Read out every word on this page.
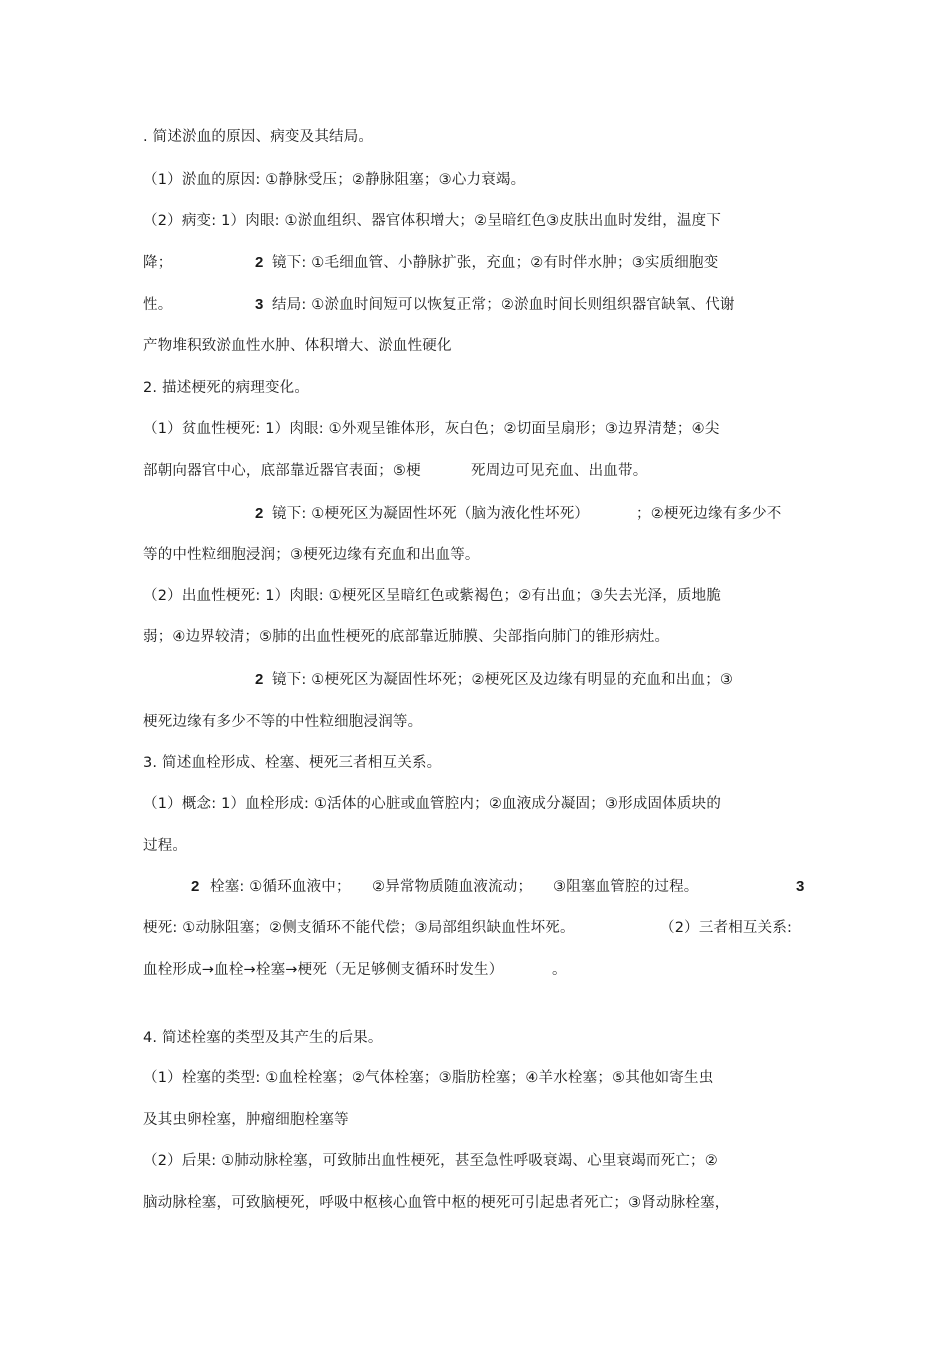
. 简述淤血的原因、病变及其结局。
（1）淤血的原因: ①静脉受压；②静脉阻塞；③心力衰竭。
（2）病变: 1）肉眼: ①淤血组织、器官体积增大；②呈暗红色③皮肤出血时发绀，温度下
降；	2 镜下: ①毛细血管、小静脉扩张，充血；②有时伴水肿；③实质细胞变
性。	3 结局: ①淤血时间短可以恢复正常；②淤血时间长则组织器官缺氧、代谢
产物堆积致淤血性水肿、体积增大、淤血性硬化
2. 描述梗死的病理变化。
（1）贫血性梗死: 1）肉眼: ①外观呈锥体形，灰白色；②切面呈扇形；③边界清楚；④尖
部朝向器官中心，底部靠近器官表面；⑤梗	死周边可见充血、出血带。
2 镜下: ①梗死区为凝固性坏死（脑为液化性坏死）	；②梗死边缘有多少不
等的中性粒细胞浸润；③梗死边缘有充血和出血等。
（2）出血性梗死: 1）肉眼: ①梗死区呈暗红色或紫褐色；②有出血；③失去光泽，质地脆
弱；④边界较清；⑤肺的出血性梗死的底部靠近肺膜、尖部指向肺门的锥形病灶。
2 镜下: ①梗死区为凝固性坏死；②梗死区及边缘有明显的充血和出血；③
梗死边缘有多少不等的中性粒细胞浸润等。
3. 简述血栓形成、栓塞、梗死三者相互关系。
（1）概念: 1）血栓形成: ①活体的心脏或血管腔内；②血液成分凝固；③形成固体质块的
过程。
2 栓塞: ①循环血液中； ②异常物质随血液流动； ③阻塞血管腔的过程。	3
梗死: ①动脉阻塞；②侧支循环不能代偿；③局部组织缺血性坏死。	（2）三者相互关系:
血栓形成→血栓→栓塞→梗死（无足够侧支循环时发生）	。
4. 简述栓塞的类型及其产生的后果。
（1）栓塞的类型: ①血栓栓塞；②气体栓塞；③脂肪栓塞；④羊水栓塞；⑤其他如寄生虫
及其虫卵栓塞，肿瘤细胞栓塞等
（2）后果: ①肺动脉栓塞，可致肺出血性梗死，甚至急性呼吸衰竭、心里衰竭而死亡；②
脑动脉栓塞，可致脑梗死，呼吸中枢核心血管中枢的梗死可引起患者死亡；③肾动脉栓塞，
